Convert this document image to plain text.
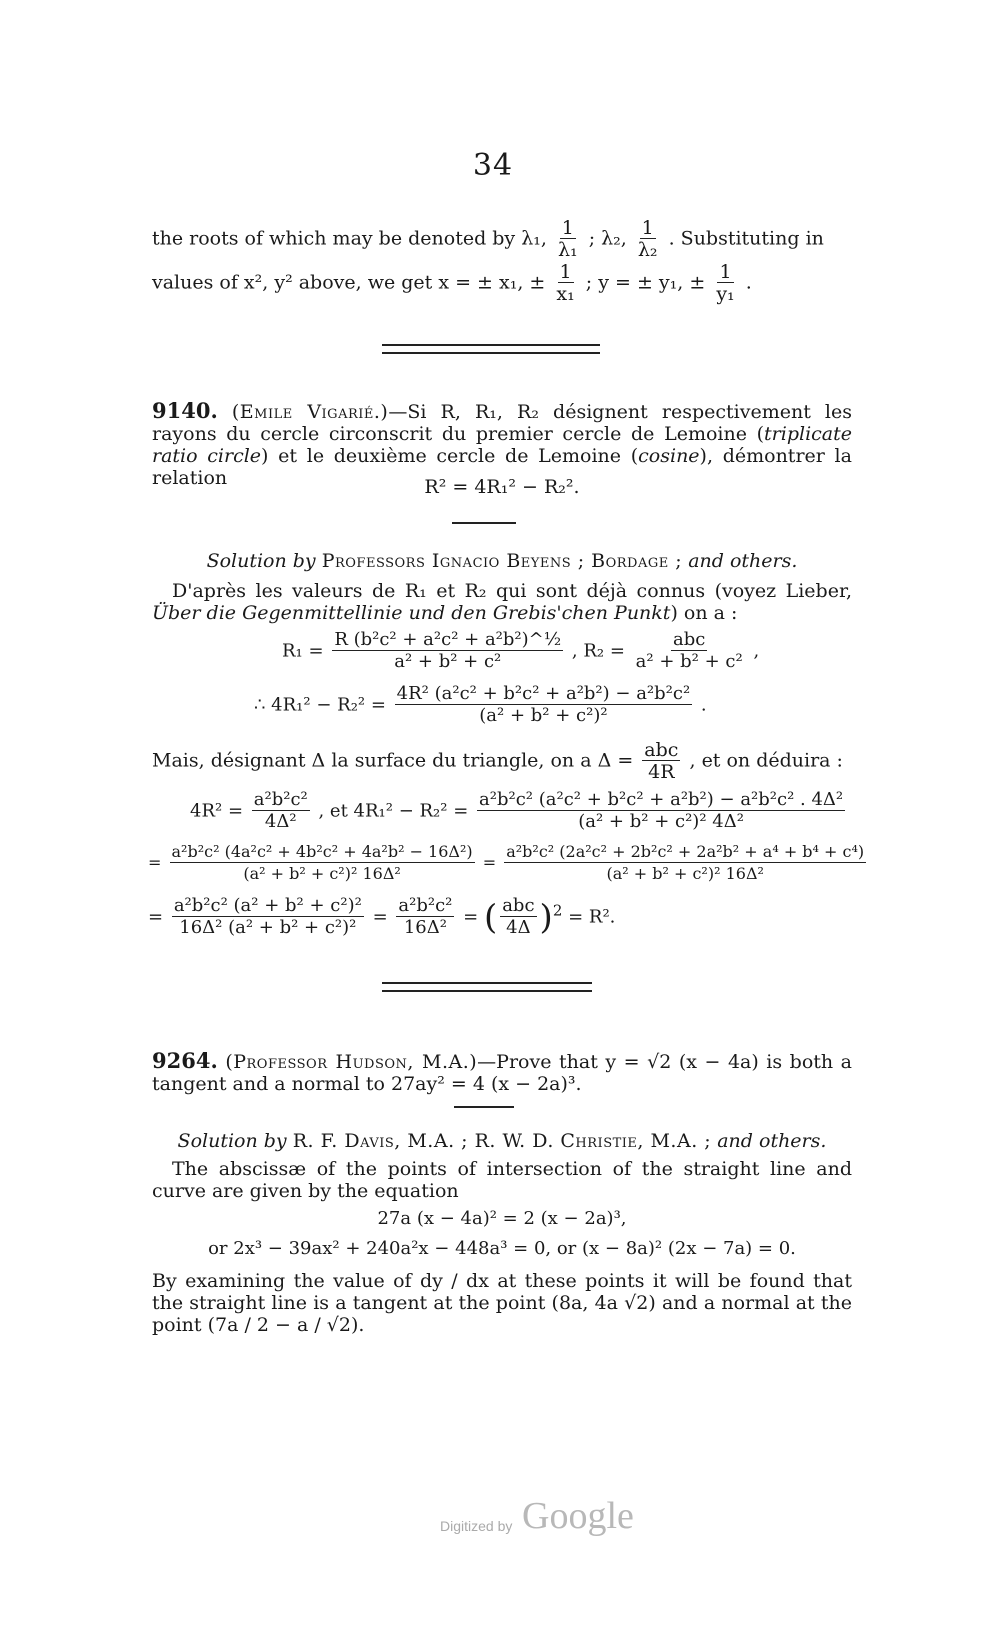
34
the roots of which may be denoted by λ₁, $\frac{1}{\text{λ₁}}$ ; λ₂, $\frac{1}{\text{λ₂}}$ . Substituting in
values of x², y² above, we get x = ± x₁, ± $\frac{1}{\text{x₁}}$ ; y = ± y₁, ± $\frac{1}{\text{y₁}}$ .
9140. (Emile Vigarié.)—Si R, R₁, R₂ désignent respectivement les rayons du cercle circonscrit du premier cercle de Lemoine (triplicate ratio circle) et le deuxième cercle de Lemoine (cosine), démontrer la relation	R² = 4R₁² − R₂².
Solution by Professors Ignacio Beyens ; Bordage ; and others.
D'après les valeurs de R₁ et R₂ qui sont déjà connus (voyez Lieber, Über die Gegenmittellinie und den Grebis'chen Punkt) on a :
$R_1 = \frac{\text{R (b²c² + a²c² + a²b²)\textasciicircum{}½}}{\text{a² + b² + c²}}$ , $R_2 = \frac{\text{abc}}{\text{a² + b² + c²}}$ ,
∴ $4R_1^2 - R_2^2 = \frac{\text{4R² (a²c² + b²c² + a²b²) − a²b²c²}}{\text{(a² + b² + c²)²}}$ .
Mais, désignant Δ la surface du triangle, on a $\Delta = \frac{\text{abc}}{4R}$ , et on déduira :
$4R^2 = \frac{\text{a²b²c²}}{\text{4Δ²}}$ , et $4R_1^2 - R_2^2 = \frac{\text{a²b²c² (a²c² + b²c² + a²b²) − a²b²c² . 4Δ²}}{\text{(a² + b² + c²)² 4Δ²}}$
= $\frac{\text{a²b²c² (4a²c² + 4b²c² + 4a²b² − 16Δ²)}}{\text{(a² + b² + c²)² 16Δ²}} = \frac{\text{a²b²c² (2a²c² + 2b²c² + 2a²b² + a⁴ + b⁴ + c⁴)}}{\text{(a² + b² + c²)² 16Δ²}}$
= $\frac{\text{a²b²c² (a² + b² + c²)²}}{\text{16Δ² (a² + b² + c²)²}} = \frac{\text{a²b²c²}}{\text{16Δ²}}$ = ( $\frac{\text{abc}}{4\Delta} )^2 = R^2$.
9264. (Professor Hudson, M.A.)—Prove that y = √2 (x − 4a) is both a tangent and a normal to 27ay² = 4 (x − 2a)³.
Solution by R. F. Davis, M.A. ; R. W. D. Christie, M.A. ; and others.
The abscissæ of the points of intersection of the straight line and curve are given by the equation
27a (x − 4a)² = 2 (x − 2a)³,
or 2x³ − 39ax² + 240a²x − 448a³ = 0, or (x − 8a)² (2x − 7a) = 0.
By examining the value of dy / dx at these points it will be found that the straight line is a tangent at the point (8a, 4a √2) and a normal at the point (7a / 2 − a / √2).
Digitized by Google
